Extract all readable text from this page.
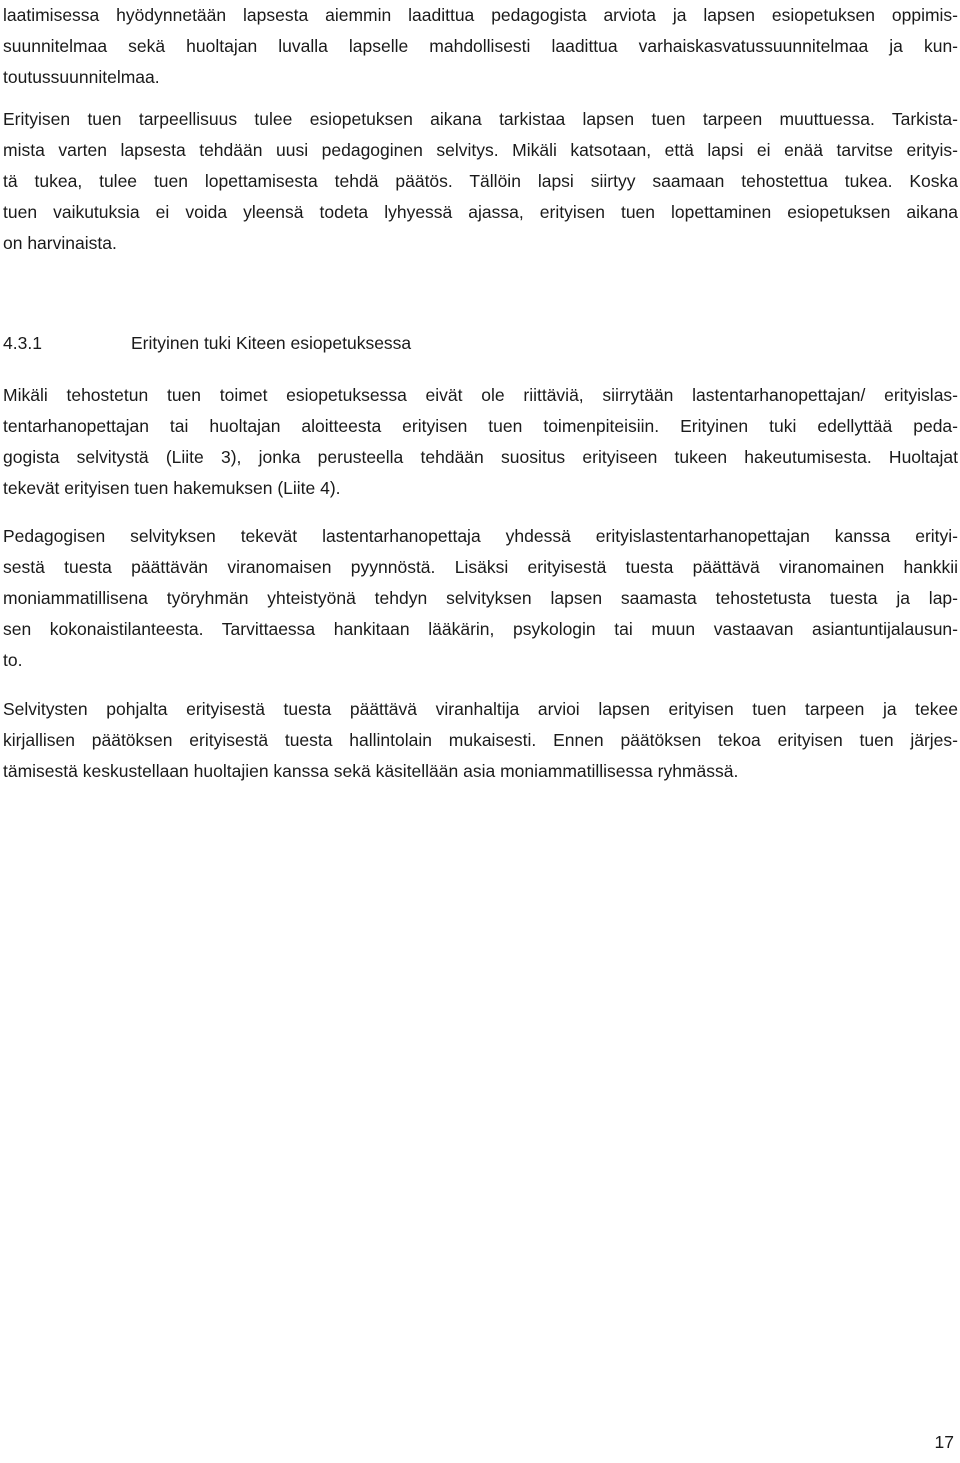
laatimisessa hyödynnetään lapsesta aiemmin laadittua pedagogista arviota ja lapsen esiopetuksen oppimis-
suunnitelmaa sekä huoltajan luvalla lapselle mahdollisesti laadittua varhaiskasvatussuunnitelmaa ja kun-
toutussuunnitelmaa.
Erityisen tuen tarpeellisuus tulee esiopetuksen aikana tarkistaa lapsen tuen tarpeen muuttuessa. Tarkista-
mista varten lapsesta tehdään uusi pedagoginen selvitys. Mikäli katsotaan, että lapsi ei enää tarvitse erityis-
tä tukea, tulee tuen lopettamisesta tehdä päätös. Tällöin lapsi siirtyy saamaan tehostettua tukea. Koska
tuen vaikutuksia ei voida yleensä todeta lyhyessä ajassa, erityisen tuen lopettaminen esiopetuksen aikana
on harvinaista.
4.3.1	Erityinen tuki Kiteen esiopetuksessa
Mikäli tehostetun tuen toimet esiopetuksessa eivät ole riittäviä, siirrytään lastentarhanopettajan/ erityislas-
tentarhanopettajan tai huoltajan aloitteesta erityisen tuen toimenpiteisiin. Erityinen tuki edellyttää peda-
gogista selvitystä (Liite 3), jonka perusteella tehdään suositus erityiseen tukeen hakeutumisesta. Huoltajat
tekevät erityisen tuen hakemuksen (Liite 4).
Pedagogisen selvityksen tekevät lastentarhanopettaja yhdessä erityislastentarhanopettajan kanssa erityi-
sestä tuesta päättävän viranomaisen pyynnöstä. Lisäksi erityisestä tuesta päättävä viranomainen hankkii
moniammatillisena työryhmän yhteistyönä tehdyn selvityksen lapsen saamasta tehostetusta tuesta ja lap-
sen kokonaistilanteesta. Tarvittaessa hankitaan lääkärin, psykologin tai muun vastaavan asiantuntijalausun-
to.
Selvitysten pohjalta erityisestä tuesta päättävä viranhaltija arvioi lapsen erityisen tuen tarpeen ja tekee
kirjallisen päätöksen erityisestä tuesta hallintolain mukaisesti. Ennen päätöksen tekoa erityisen tuen järjes-
tämisestä keskustellaan huoltajien kanssa sekä käsitellään asia moniammatillisessa ryhmässä.
17
